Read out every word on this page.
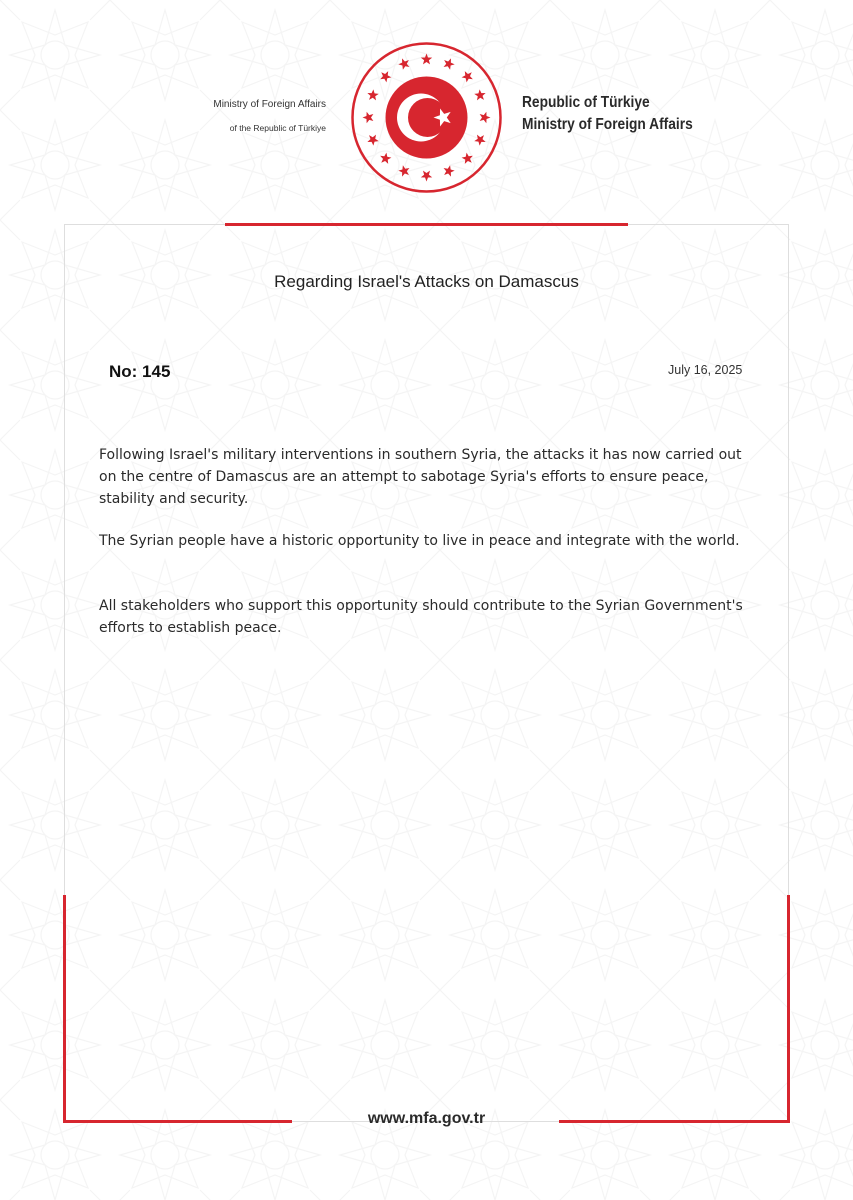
Ministry of Foreign Affairs
of the Republic of Türkiye
Republic of Türkiye
Ministry of Foreign Affairs
Regarding Israel's Attacks on Damascus
No: 145	July 16, 2025
Following Israel's military interventions in southern Syria, the attacks it has now carried out on the centre of Damascus are an attempt to sabotage Syria's efforts to ensure peace, stability and security.
The Syrian people have a historic opportunity to live in peace and integrate with the world.
All stakeholders who support this opportunity should contribute to the Syrian Government's efforts to establish peace.
www.mfa.gov.tr
